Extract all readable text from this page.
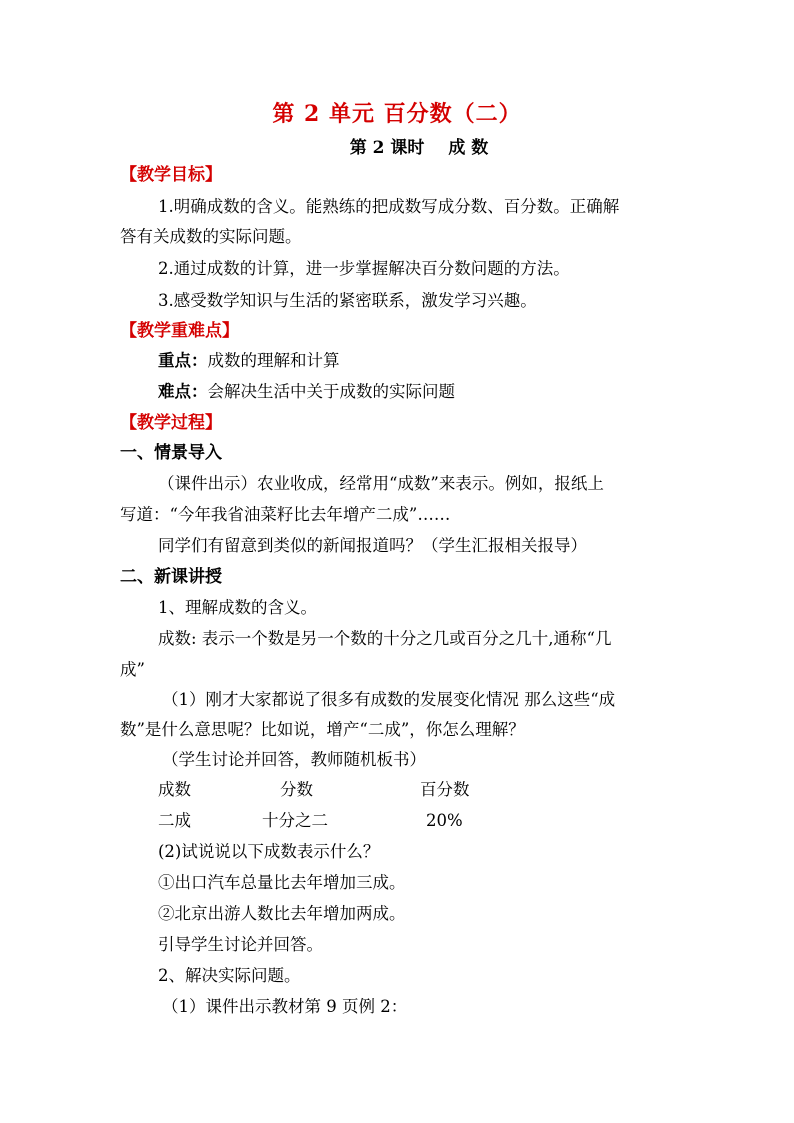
第 2 单元 百分数（二）
第 2 课时 成 数
【教学目标】
1.明确成数的含义。能熟练的把成数写成分数、百分数。正确解
答有关成数的实际问题。
2.通过成数的计算，进一步掌握解决百分数问题的方法。
3.感受数学知识与生活的紧密联系，激发学习兴趣。
【教学重难点】
重点：成数的理解和计算
难点：会解决生活中关于成数的实际问题
【教学过程】
一、情景导入
（课件出示）农业收成，经常用“成数”来表示。例如，报纸上
写道：“今年我省油菜籽比去年增产二成”……
同学们有留意到类似的新闻报道吗？（学生汇报相关报导）
二、新课讲授
1、理解成数的含义。
成数: 表示一个数是另一个数的十分之几或百分之几十,通称“几
成”
（1）刚才大家都说了很多有成数的发展变化情况 那么这些“成
数”是什么意思呢？比如说，增产“二成”，你怎么理解？
（学生讨论并回答，教师随机板书）
成数	分数	百分数
二成	十分之二	20%
(2)试说说以下成数表示什么？
①出口汽车总量比去年增加三成。
②北京出游人数比去年增加两成。
引导学生讨论并回答。
2、解决实际问题。
（1）课件出示教材第 9 页例 2：
